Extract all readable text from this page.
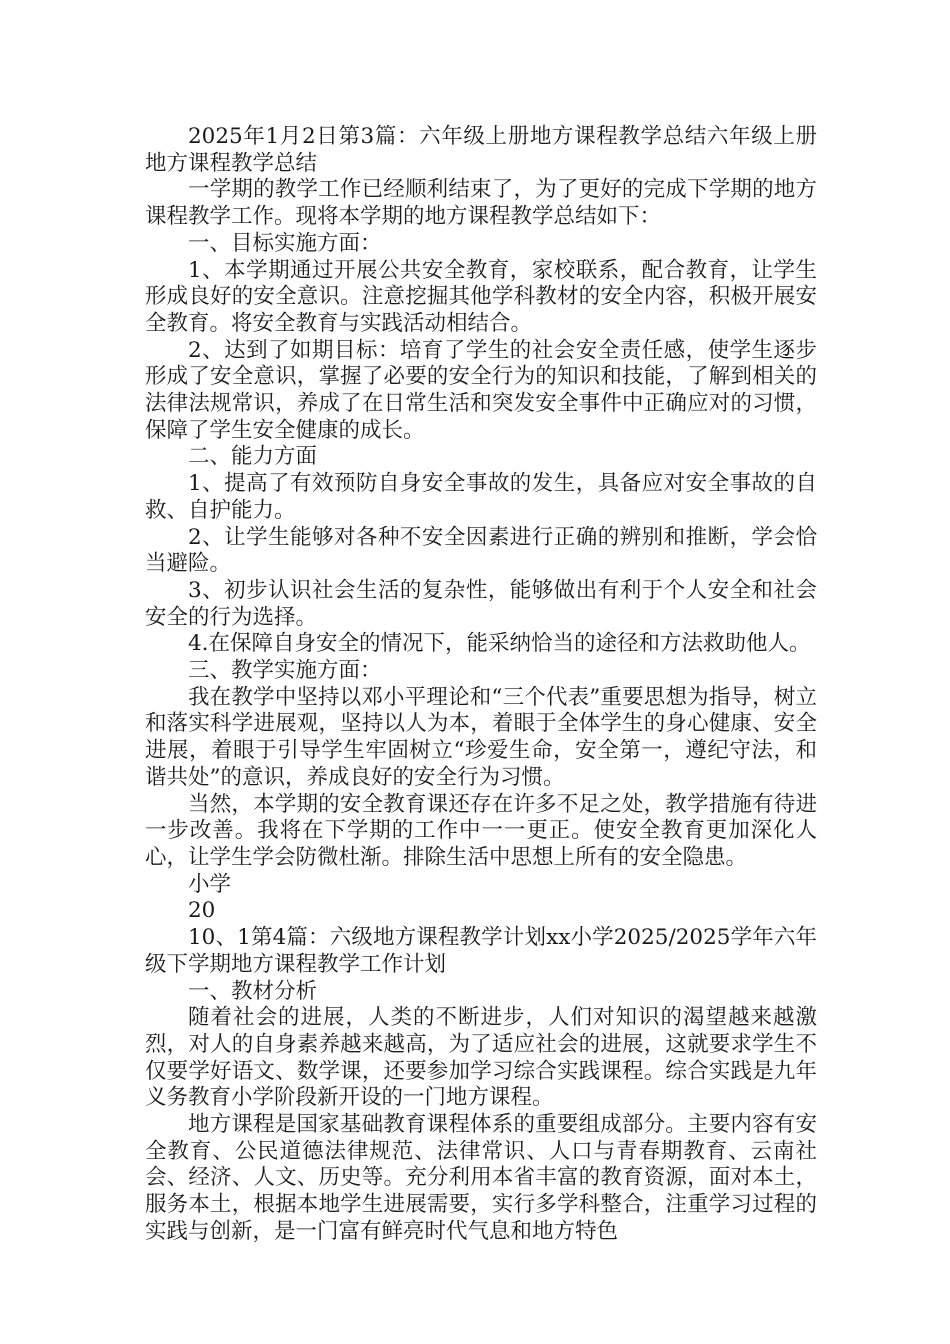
2025年1月2日第3篇：六年级上册地方课程教学总结六年级上册地方课程教学总结

一学期的教学工作已经顺利结束了，为了更好的完成下学期的地方课程教学工作。现将本学期的地方课程教学总结如下：

一、目标实施方面：

1、本学期通过开展公共安全教育，家校联系，配合教育，让学生形成良好的安全意识。注意挖掘其他学科教材的安全内容，积极开展安全教育。将安全教育与实践活动相结合。

2、达到了如期目标：培育了学生的社会安全责任感，使学生逐步形成了安全意识，掌握了必要的安全行为的知识和技能，了解到相关的法律法规常识，养成了在日常生活和突发安全事件中正确应对的习惯，保障了学生安全健康的成长。

二、能力方面

1、提高了有效预防自身安全事故的发生，具备应对安全事故的自救、自护能力。

2、让学生能够对各种不安全因素进行正确的辨别和推断，学会恰当避险。

3、初步认识社会生活的复杂性，能够做出有利于个人安全和社会安全的行为选择。

4.在保障自身安全的情况下，能采纳恰当的途径和方法救助他人。

三、教学实施方面：

我在教学中坚持以邓小平理论和“三个代表”重要思想为指导，树立和落实科学进展观，坚持以人为本，着眼于全体学生的身心健康、安全进展，着眼于引导学生牢固树立“珍爱生命，安全第一，遵纪守法，和谐共处”的意识，养成良好的安全行为习惯。

当然，本学期的安全教育课还存在许多不足之处，教学措施有待进一步改善。我将在下学期的工作中一一更正。使安全教育更加深化人心，让学生学会防微杜渐。排除生活中思想上所有的安全隐患。

小学

20

10、1第4篇：六级地方课程教学计划xx小学2025/2025学年六年级下学期地方课程教学工作计划

一、教材分析

随着社会的进展，人类的不断进步，人们对知识的渴望越来越激烈，对人的自身素养越来越高，为了适应社会的进展，这就要求学生不仅要学好语文、数学课，还要参加学习综合实践课程。综合实践是九年义务教育小学阶段新开设的一门地方课程。

地方课程是国家基础教育课程体系的重要组成部分。主要内容有安全教育、公民道德法律规范、法律常识、人口与青春期教育、云南社会、经济、人文、历史等。充分利用本省丰富的教育资源，面对本土，服务本土，根据本地学生进展需要，实行多学科整合，注重学习过程的实践与创新，是一门富有鲜亮时代气息和地方特色
